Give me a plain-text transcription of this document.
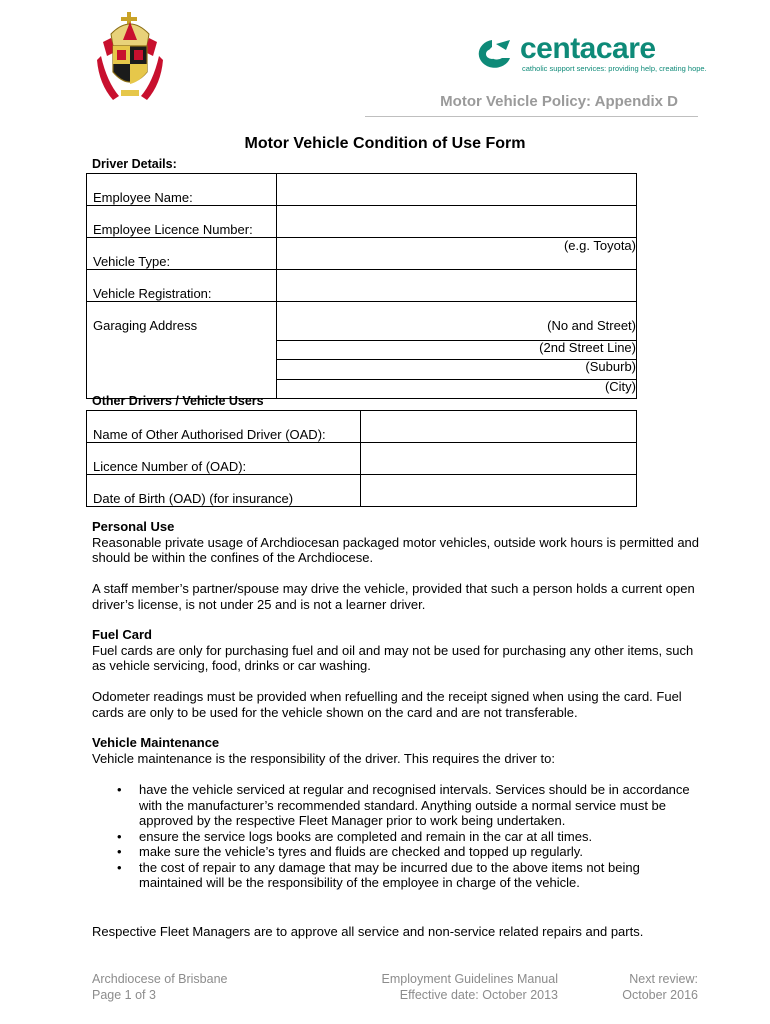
centacare
catholic support services: providing help, creating hope.
Motor Vehicle Policy: Appendix D
Motor Vehicle Condition of Use Form
Driver Details:
Employee Name:	
Employee Licence Number:	
Vehicle Type:	(e.g. Toyota)
Vehicle Registration:	
Garaging Address	(No and Street)
	(2nd Street Line)
	(Suburb)
	(City)
Other Drivers / Vehicle Users
Name of Other Authorised Driver (OAD):	
Licence Number of (OAD):	
Date of Birth (OAD) (for insurance)	
Personal Use
Reasonable private usage of Archdiocesan packaged motor vehicles, outside work hours is permitted and should be within the confines of the Archdiocese.
A staff member’s partner/spouse may drive the vehicle, provided that such a person holds a current open driver’s license, is not under 25 and is not a learner driver.
Fuel Card
Fuel cards are only for purchasing fuel and oil and may not be used for purchasing any other items, such as vehicle servicing, food, drinks or car washing.
Odometer readings must be provided when refuelling and the receipt signed when using the card. Fuel cards are only to be used for the vehicle shown on the card and are not transferable.
Vehicle Maintenance
Vehicle maintenance is the responsibility of the driver. This requires the driver to:
• have the vehicle serviced at regular and recognised intervals. Services should be in accordance with the manufacturer’s recommended standard. Anything outside a normal service must be approved by the respective Fleet Manager prior to work being undertaken.
• ensure the service logs books are completed and remain in the car at all times.
• make sure the vehicle’s tyres and fluids are checked and topped up regularly.
• the cost of repair to any damage that may be incurred due to the above items not being maintained will be the responsibility of the employee in charge of the vehicle.
Respective Fleet Managers are to approve all service and non-service related repairs and parts.
Archdiocese of Brisbane
Page 1 of 3
Employment Guidelines Manual
Effective date: October 2013
Next review:
October 2016
